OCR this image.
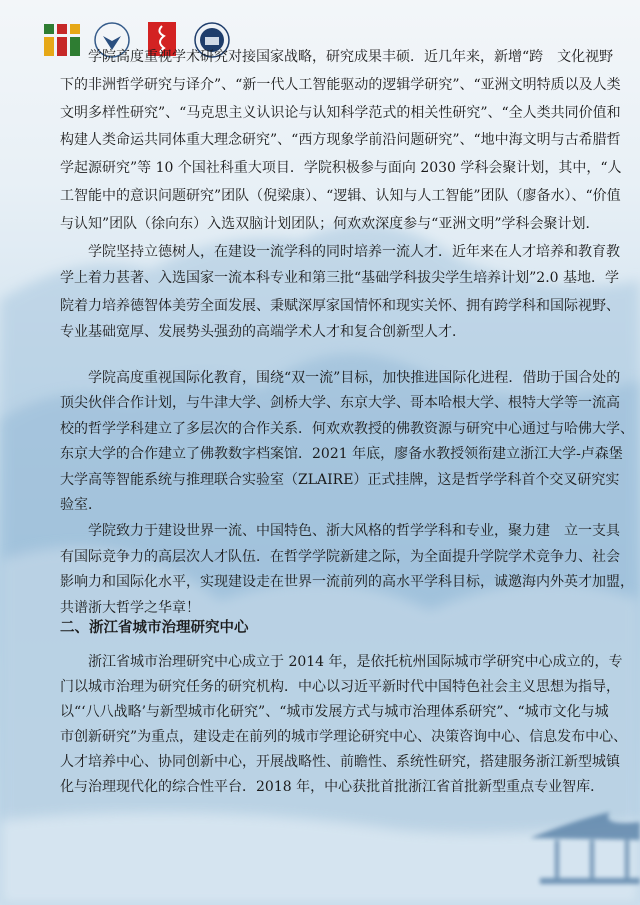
学院高度重视学术研究对接国家战略，研究成果丰硕．近几年来，新增“跨　文化视野
下的非洲哲学研究与译介”、“新一代人工智能驱动的逻辑学研究”、“亚洲文明特质以及人类
文明多样性研究”、“马克思主义认识论与认知科学范式的相关性研究”、“全人类共同价值和
构建人类命运共同体重大理念研究”、“西方现象学前沿问题研究”、“地中海文明与古希腊哲
学起源研究”等 10 个国社科重大项目．学院积极参与面向 2030 学科会聚计划，其中，“人
工智能中的意识问题研究”团队（倪梁康）、“逻辑、认知与人工智能”团队（廖备水）、“价值
与认知”团队（徐向东）入选双脑计划团队；何欢欢深度参与“亚洲文明”学科会聚计划．
学院坚持立德树人，在建设一流学科的同时培养一流人才．近年来在人才培养和教育教
学上着力甚著、入选国家一流本科专业和第三批“基础学科拔尖学生培养计划”2.0 基地．学
院着力培养德智体美劳全面发展、秉赋深厚家国情怀和现实关怀、拥有跨学科和国际视野、
专业基础宽厚、发展势头强劲的高端学术人才和复合创新型人才．
学院高度重视国际化教育，围绕“双一流”目标，加快推进国际化进程．借助于国合处的
顶尖伙伴合作计划，与牛津大学、剑桥大学、东京大学、哥本哈根大学、根特大学等一流高
校的哲学学科建立了多层次的合作关系．何欢欢教授的佛教资源与研究中心通过与哈佛大学、
东京大学的合作建立了佛教数字档案馆．2021 年底，廖备水教授领衔建立浙江大学-卢森堡
大学高等智能系统与推理联合实验室（ZLAIRE）正式挂牌，这是哲学学科首个交叉研究实
验室．
学院致力于建设世界一流、中国特色、浙大风格的哲学学科和专业，聚力建　立一支具
有国际竞争力的高层次人才队伍．在哲学学院新建之际，为全面提升学院学术竞争力、社会
影响力和国际化水平，实现建设走在世界一流前列的高水平学科目标，诚邀海内外英才加盟，
共谱浙大哲学之华章！
二、浙江省城市治理研究中心
浙江省城市治理研究中心成立于 2014 年，是依托杭州国际城市学研究中心成立的，专
门以城市治理为研究任务的研究机构．中心以习近平新时代中国特色社会主义思想为指导，
以“‘八八战略’与新型城市化研究”、“城市发展方式与城市治理体系研究”、“城市文化与城
市创新研究”为重点，建设走在前列的城市学理论研究中心、决策咨询中心、信息发布中心、
人才培养中心、协同创新中心，开展战略性、前瞻性、系统性研究，搭建服务浙江新型城镇
化与治理现代化的综合性平台．2018 年，中心获批首批浙江省首批新型重点专业智库．
